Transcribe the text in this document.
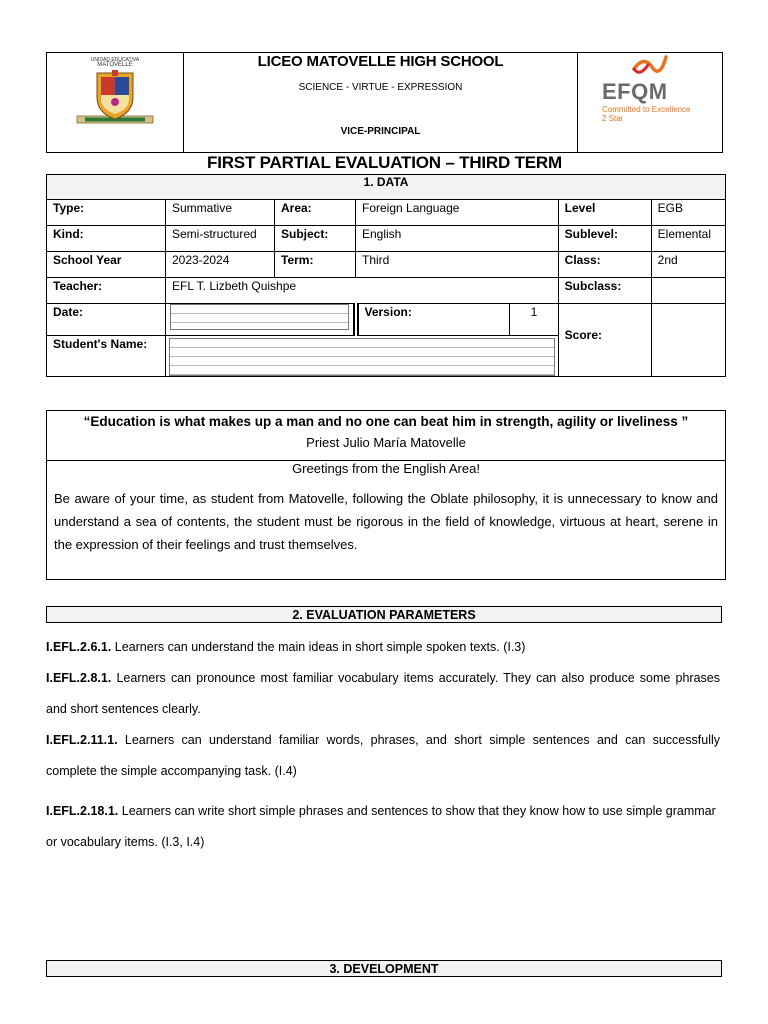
UNIDAD EDUCATIVA
MATOVELLE	LICEO MATOVELLE HIGH SCHOOL
SCIENCE - VIRTUE - EXPRESSION
VICE-PRINCIPAL

EFQM
Committed to Excellence
2 Star
FIRST PARTIAL EVALUATION – THIRD TERM
1. DATA						
Type:	Summative	Area:	Foreign Language		Level	EGB
Kind:	Semi-structured	Subject:	English		Sublevel:	Elemental
School Year	2023-2024	Term:	Third		Class:	2nd
Teacher:	EFL T. Lizbeth Quishpe				Subclass:	
Date:			Version:	1	Score:	
Student's Name:						
“Education is what makes up a man and no one can beat him in strength, agility or liveliness ”
Priest Julio María Matovelle
Greetings from the English Area!
Be aware of your time, as student from Matovelle, following the Oblate philosophy, it is unnecessary to know and understand a sea of contents, the student must be rigorous in the field of knowledge, virtuous at heart, serene in the expression of their feelings and trust themselves.
2. EVALUATION PARAMETERS
I.EFL.2.6.1. Learners can understand the main ideas in short simple spoken texts. (I.3)
I.EFL.2.8.1. Learners can pronounce most familiar vocabulary items accurately. They can also produce some phrases and short sentences clearly.
I.EFL.2.11.1. Learners can understand familiar words, phrases, and short simple sentences and can successfully complete the simple accompanying task. (I.4)
I.EFL.2.18.1. Learners can write short simple phrases and sentences to show that they know how to use simple grammar or vocabulary items. (I.3, I.4)
3. DEVELOPMENT
